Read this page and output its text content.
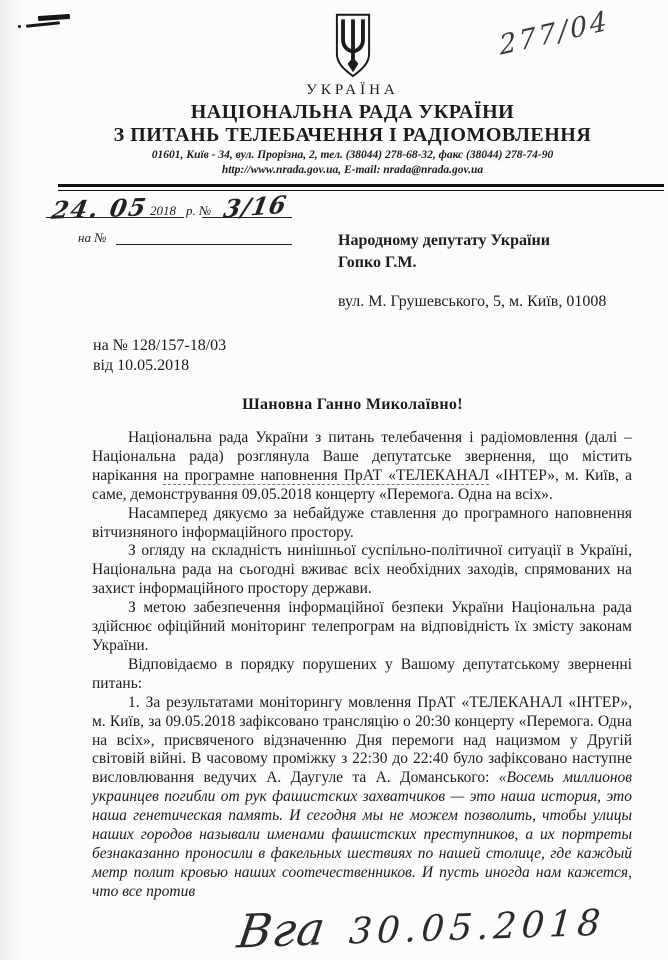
277/04
УКРАЇНА
НАЦІОНАЛЬНА РАДА УКРАЇНИ
З ПИТАНЬ ТЕЛЕБАЧЕННЯ І РАДІОМОВЛЕННЯ
01601, Київ - 34, вул. Прорізна, 2, тел. (38044) 278-68-32, факс (38044) 278-74-90
http://www.nrada.gov.ua, E-mail: nrada@nrada.gov.ua
24. 05 2018 р. № 3/16
на №	Народному депутату України
Гопко Г.М.
вул. М. Грушевського, 5, м. Київ, 01008
на № 128/157-18/03
від 10.05.2018
Шановна Ганно Миколаївно!

Національна рада України з питань телебачення і радіомовлення (далі – Національна рада) розглянула Ваше депутатське звернення, що містить нарікання на програмне наповнення ПрАТ «ТЕЛЕКАНАЛ «ІНТЕР», м. Київ, а саме, демонстрування 09.05.2018 концерту «Перемога. Одна на всіх».

Насамперед дякуємо за небайдуже ставлення до програмного наповнення вітчизняного інформаційного простору.

З огляду на складність нинішньої суспільно-політичної ситуації в Україні, Національна рада на сьогодні вживає всіх необхідних заходів, спрямованих на захист інформаційного простору держави.

З метою забезпечення інформаційної безпеки України Національна рада здійснює офіційний моніторинг телепрограм на відповідність їх змісту законам України.

Відповідаємо в порядку порушених у Вашому депутатському зверненні питань:

1. За результатами моніторингу мовлення ПрАТ «ТЕЛЕКАНАЛ «ІНТЕР», м. Київ, за 09.05.2018 зафіксовано трансляцію о 20:30 концерту «Перемога. Одна на всіх», присвяченого відзначенню Дня перемоги над нацизмом у Другій світовій війні. В часовому проміжку з 22:30 до 22:40 було зафіксовано наступне висловлювання ведучих А. Даугуле та А. Доманського: «Восемь миллионов украинцев погибли от рук фашистских захватчиков — это наша история, это наша генетическая память. И сегодня мы не можем позволить, чтобы улицы наших городов называли именами фашистских преступников, а их портреты безнаказанно проносили в факельных шествиях по нашей столице, где каждый метр полит кровью наших соотечественников. И пусть иногда нам кажется, что все против

Вга 30.05.2018
